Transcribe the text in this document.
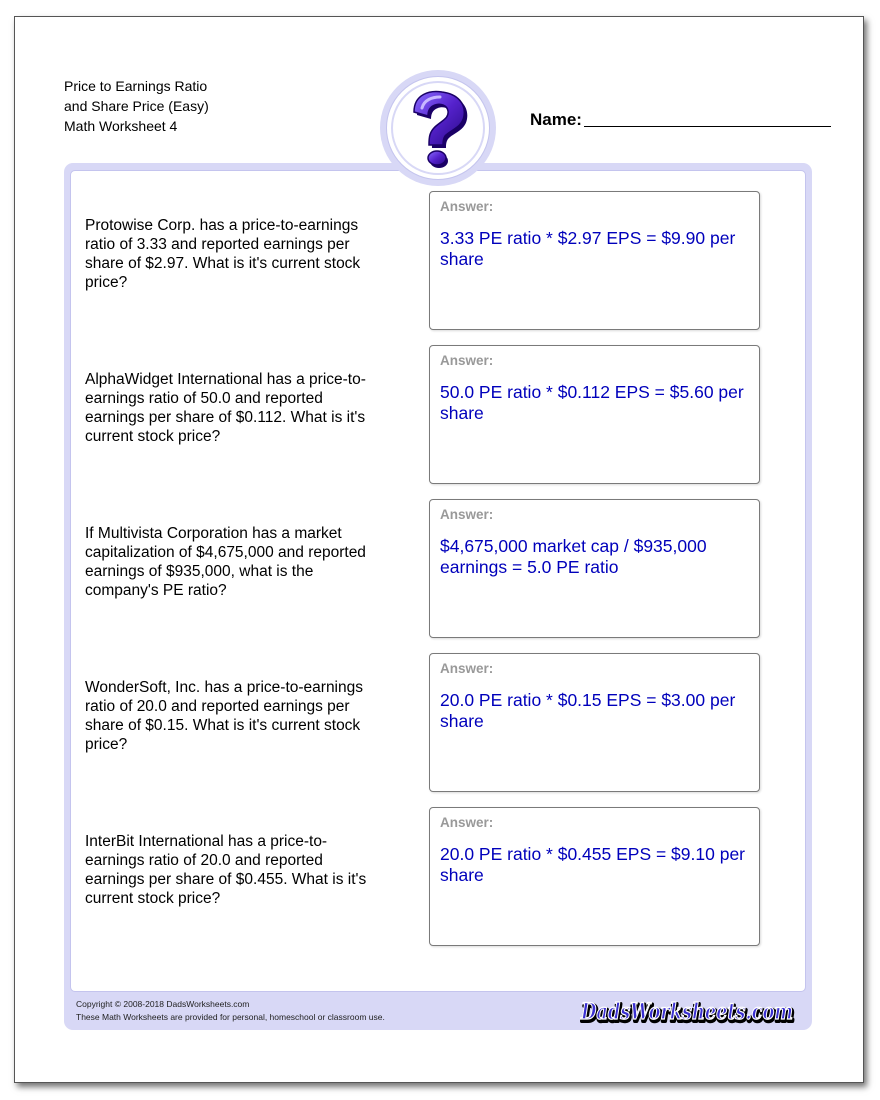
Price to Earnings Ratio
and Share Price (Easy)
Math Worksheet 4	Name:
Protowise Corp. has a price-to-earnings ratio of 3.33 and reported earnings per share of $2.97. What is it's current stock price?
Answer:
3.33 PE ratio * $2.97 EPS = $9.90 per share
AlphaWidget International has a price-to-earnings ratio of 50.0 and reported earnings per share of $0.112. What is it's current stock price?
Answer:
50.0 PE ratio * $0.112 EPS = $5.60 per share
If Multivista Corporation has a market capitalization of $4,675,000 and reported earnings of $935,000, what is the company's PE ratio?
Answer:
$4,675,000 market cap / $935,000 earnings = 5.0 PE ratio
WonderSoft, Inc. has a price-to-earnings ratio of 20.0 and reported earnings per share of $0.15. What is it's current stock price?
Answer:
20.0 PE ratio * $0.15 EPS = $3.00 per share
InterBit International has a price-to-earnings ratio of 20.0 and reported earnings per share of $0.455. What is it's current stock price?
Answer:
20.0 PE ratio * $0.455 EPS = $9.10 per share
Copyright © 2008-2018 DadsWorksheets.com
These Math Worksheets are provided for personal, homeschool or classroom use.	DadsWorksheets.com
DadsWorksheets.com
